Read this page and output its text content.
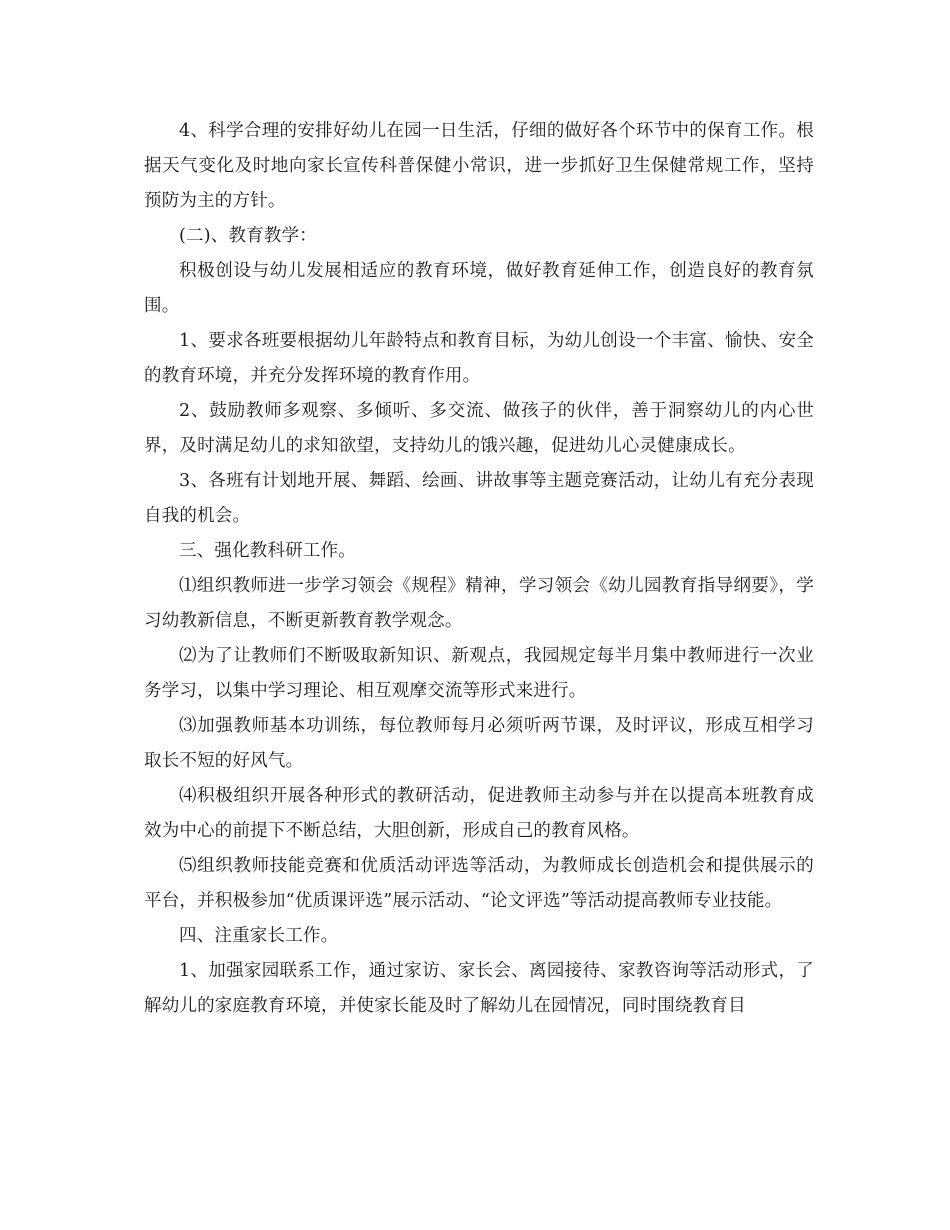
4、科学合理的安排好幼儿在园一日生活，仔细的做好各个环节中的保育工作。根据天气变化及时地向家长宣传科普保健小常识，进一步抓好卫生保健常规工作，坚持预防为主的方针。

(二)、教育教学：

积极创设与幼儿发展相适应的教育环境，做好教育延伸工作，创造良好的教育氛围。

1、要求各班要根据幼儿年龄特点和教育目标，为幼儿创设一个丰富、愉快、安全的教育环境，并充分发挥环境的教育作用。

2、鼓励教师多观察、多倾听、多交流、做孩子的伙伴，善于洞察幼儿的内心世界，及时满足幼儿的求知欲望，支持幼儿的饿兴趣，促进幼儿心灵健康成长。

3、各班有计划地开展、舞蹈、绘画、讲故事等主题竞赛活动，让幼儿有充分表现自我的机会。

三、强化教科研工作。

⑴组织教师进一步学习领会《规程》精神，学习领会《幼儿园教育指导纲要》，学习幼教新信息，不断更新教育教学观念。

⑵为了让教师们不断吸取新知识、新观点，我园规定每半月集中教师进行一次业务学习，以集中学习理论、相互观摩交流等形式来进行。

⑶加强教师基本功训练，每位教师每月必须听两节课，及时评议，形成互相学习取长不短的好风气。

⑷积极组织开展各种形式的教研活动，促进教师主动参与并在以提高本班教育成效为中心的前提下不断总结，大胆创新，形成自己的教育风格。

⑸组织教师技能竞赛和优质活动评选等活动，为教师成长创造机会和提供展示的平台，并积极参加“优质课评选”展示活动、“论文评选”等活动提高教师专业技能。

四、注重家长工作。

1、加强家园联系工作，通过家访、家长会、离园接待、家教咨询等活动形式，了解幼儿的家庭教育环境，并使家长能及时了解幼儿在园情况，同时围绕教育目
